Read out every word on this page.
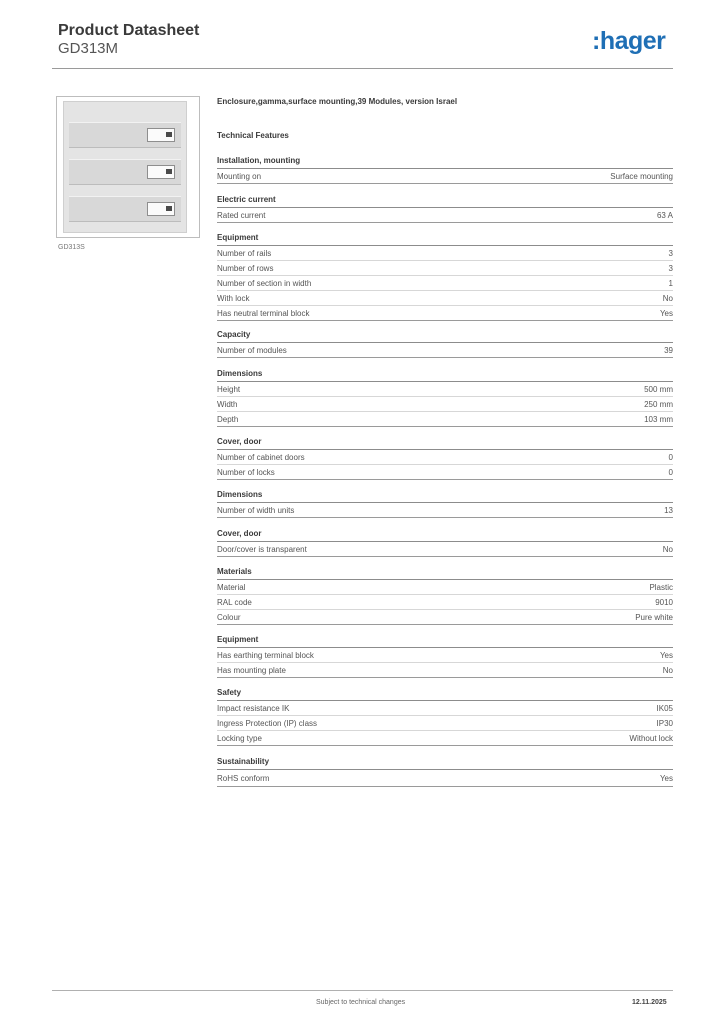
Product Datasheet
GD313M	:hager
GD313S
Enclosure,gamma,surface mounting,39 Modules, version Israel
Technical Features
Installation, mounting
Mounting on	Surface mounting
Electric current
Rated current	63 A
Equipment
Number of rails	3
Number of rows	3
Number of section in width	1
With lock	No
Has neutral terminal block	Yes
Capacity
Number of modules	39
Dimensions
Height	500 mm
Width	250 mm
Depth	103 mm
Cover, door
Number of cabinet doors	0
Number of locks	0
Dimensions
Number of width units	13
Cover, door
Door/cover is transparent	No
Materials
Material	Plastic
RAL code	9010
Colour	Pure white
Equipment
Has earthing terminal block	Yes
Has mounting plate	No
Safety
Impact resistance IK	IK05
Ingress Protection (IP) class	IP30
Locking type	Without lock
Sustainability
RoHS conform	Yes
Subject to technical changes	12.11.2025
